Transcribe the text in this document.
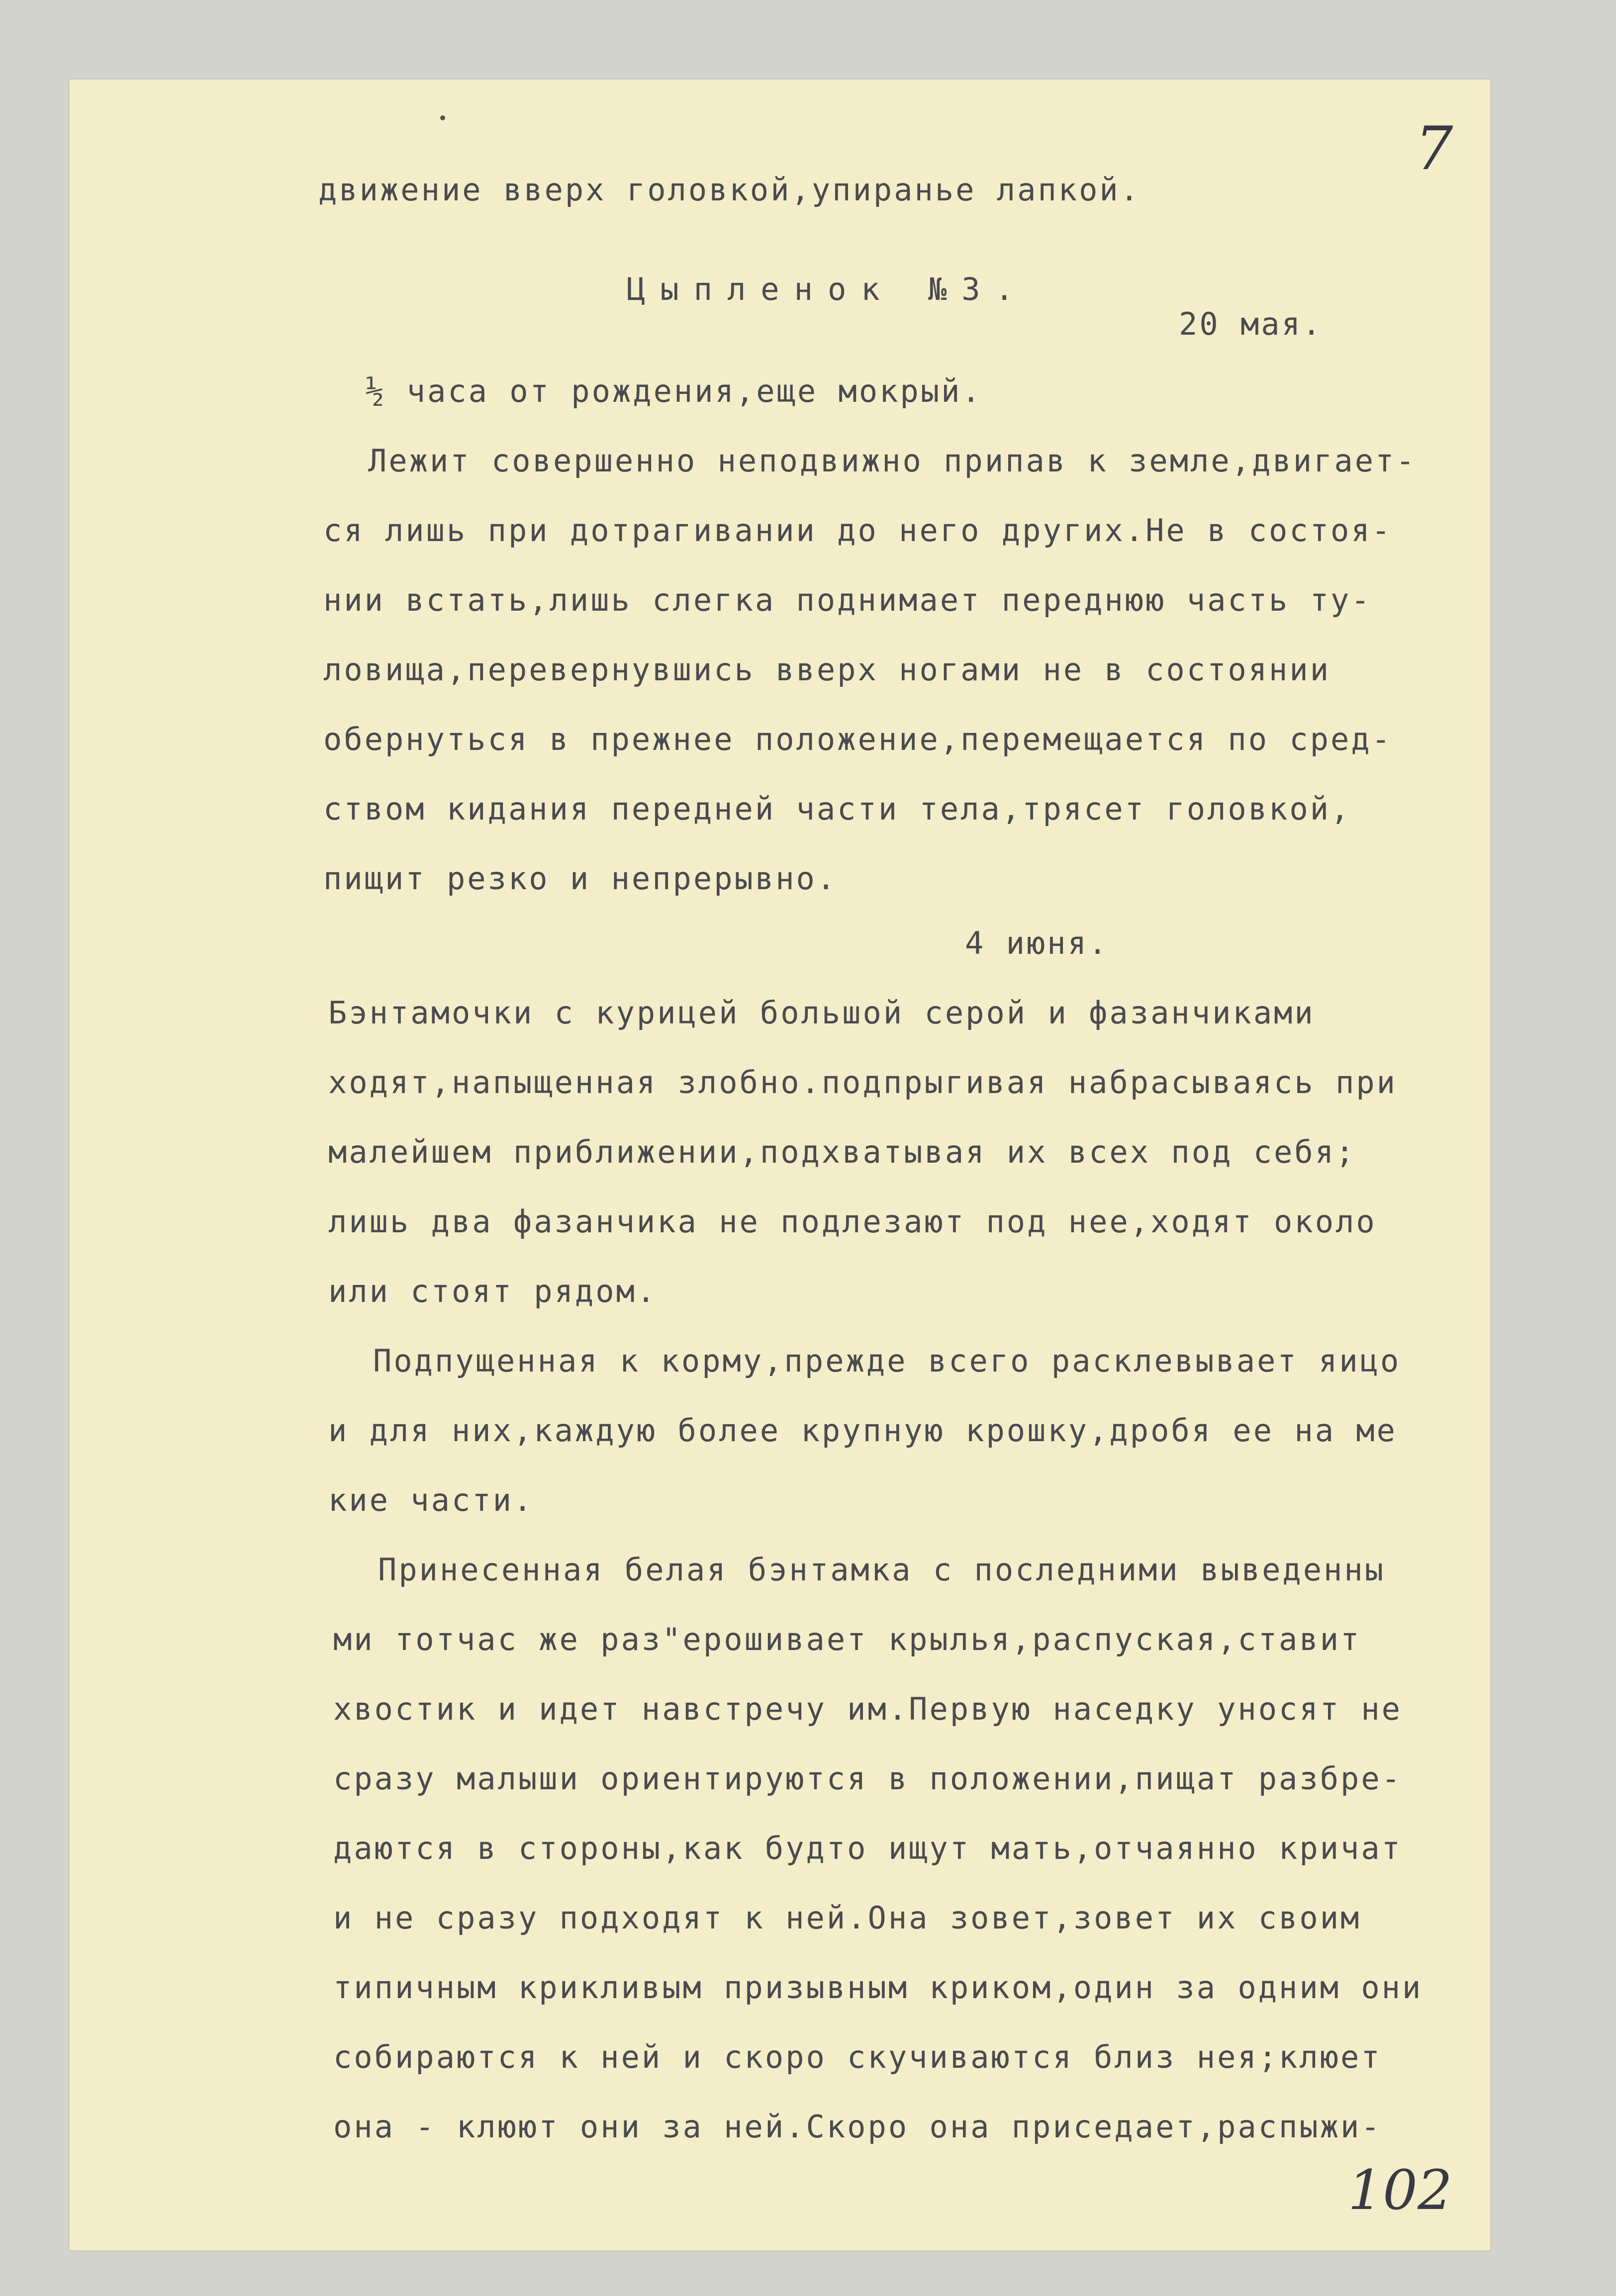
7

движение вверх головкой,упиранье лапкой.

Цыпленок №3.

20 мая.

½ часа от рождения,еще мокрый.

Лежит совершенно неподвижно припав к земле,двигает-

ся лишь при дотрагивании до него других.Не в состоя-

нии встать,лишь слегка поднимает переднюю часть ту-

ловища,перевернувшись вверх ногами не в состоянии

обернуться в прежнее положение,перемещается по сред-

ством кидания передней части тела,трясет головкой,

пищит резко и непрерывно.

4 июня.

Бэнтамочки с курицей большой серой и фазанчиками

ходят,напыщенная злобно.подпрыгивая набрасываясь при

малейшем приближении,подхватывая их всех под себя;

лишь два фазанчика не подлезают под нее,ходят около

или стоят рядом.

Подпущенная к корму,прежде всего расклевывает яицо

и для них,каждую более крупную крошку,дробя ее на ме

кие части.

Принесенная белая бэнтамка с последними выведенны

ми тотчас же раз"ерошивает крылья,распуская,ставит

хвостик и идет навстречу им.Первую наседку уносят не

сразу малыши ориентируются в положении,пищат разбре-

даются в стороны,как будто ищут мать,отчаянно кричат

и не сразу подходят к ней.Она зовет,зовет их своим

типичным крикливым призывным криком,один за одним они

собираются к ней и скоро скучиваются близ нея;клюет

она - клюют они за ней.Скоро она приседает,распыжи-

102
